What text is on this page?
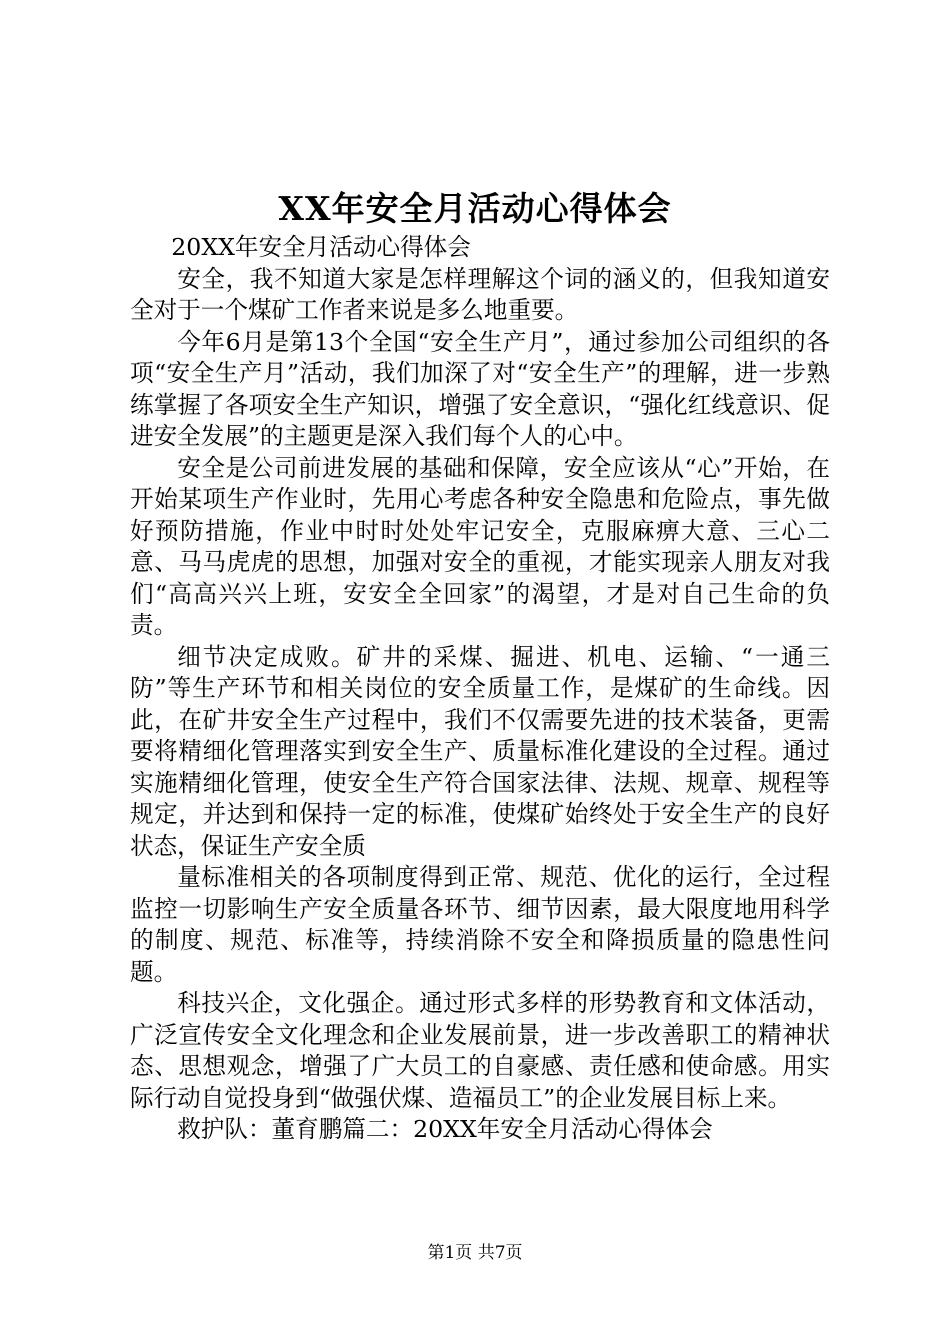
XX年安全月活动心得体会

20XX年安全月活动心得体会

安全，我不知道大家是怎样理解这个词的涵义的，但我知道安全对于一个煤矿工作者来说是多么地重要。

今年6月是第13个全国“安全生产月”，通过参加公司组织的各项“安全生产月”活动，我们加深了对“安全生产”的理解，进一步熟练掌握了各项安全生产知识，增强了安全意识，“强化红线意识、促进安全发展”的主题更是深入我们每个人的心中。

安全是公司前进发展的基础和保障，安全应该从“心”开始，在开始某项生产作业时，先用心考虑各种安全隐患和危险点，事先做好预防措施，作业中时时处处牢记安全，克服麻痹大意、三心二意、马马虎虎的思想，加强对安全的重视，才能实现亲人朋友对我们“高高兴兴上班，安安全全回家”的渴望，才是对自己生命的负责。

细节决定成败。矿井的采煤、掘进、机电、运输、“一通三防”等生产环节和相关岗位的安全质量工作，是煤矿的生命线。因此，在矿井安全生产过程中，我们不仅需要先进的技术装备，更需要将精细化管理落实到安全生产、质量标准化建设的全过程。通过实施精细化管理，使安全生产符合国家法律、法规、规章、规程等规定，并达到和保持一定的标准，使煤矿始终处于安全生产的良好状态，保证生产安全质

量标准相关的各项制度得到正常、规范、优化的运行，全过程监控一切影响生产安全质量各环节、细节因素，最大限度地用科学的制度、规范、标准等，持续消除不安全和降损质量的隐患性问题。

科技兴企，文化强企。通过形式多样的形势教育和文体活动，广泛宣传安全文化理念和企业发展前景，进一步改善职工的精神状态、思想观念，增强了广大员工的自豪感、责任感和使命感。用实际行动自觉投身到“做强伏煤、造福员工”的企业发展目标上来。

救护队：董育鹏篇二：20XX年安全月活动心得体会

第1页 共7页
